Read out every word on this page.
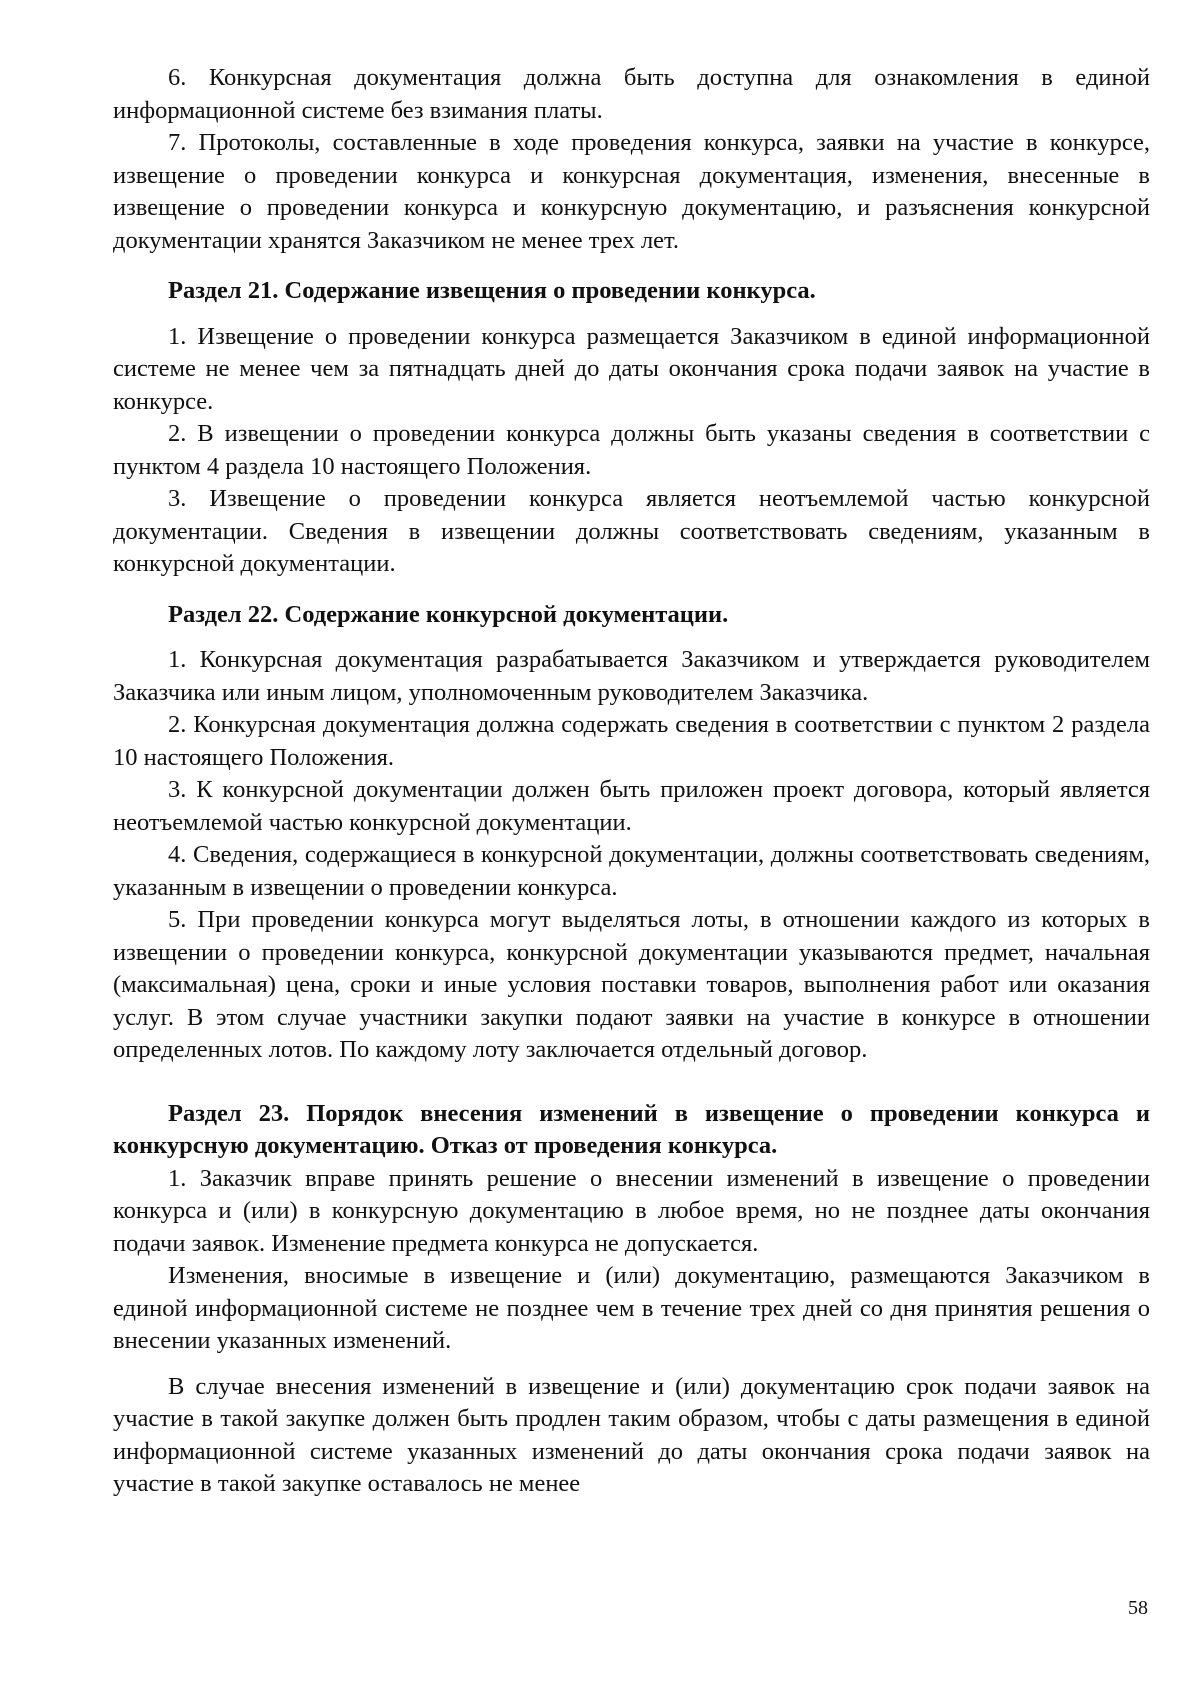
6. Конкурсная документация должна быть доступна для ознакомления в единой информационной системе без взимания платы.

7. Протоколы, составленные в ходе проведения конкурса, заявки на участие в конкурсе, извещение о проведении конкурса и конкурсная документация, изменения, внесенные в извещение о проведении конкурса и конкурсную документацию, и разъяснения конкурсной документации хранятся Заказчиком не менее трех лет.

Раздел 21. Содержание извещения о проведении конкурса.

1. Извещение о проведении конкурса размещается Заказчиком в единой информационной системе не менее чем за пятнадцать дней до даты окончания срока подачи заявок на участие в конкурсе.

2. В извещении о проведении конкурса должны быть указаны сведения в соответствии с пунктом 4 раздела 10 настоящего Положения.

3. Извещение о проведении конкурса является неотъемлемой частью конкурсной документации. Сведения в извещении должны соответствовать сведениям, указанным в конкурсной документации.

Раздел 22. Содержание конкурсной документации.

1. Конкурсная документация разрабатывается Заказчиком и утверждается руководителем Заказчика или иным лицом, уполномоченным руководителем Заказчика.

2. Конкурсная документация должна содержать сведения в соответствии с пунктом 2 раздела 10 настоящего Положения.

3. К конкурсной документации должен быть приложен проект договора, который является неотъемлемой частью конкурсной документации.

4. Сведения, содержащиеся в конкурсной документации, должны соответствовать сведениям, указанным в извещении о проведении конкурса.

5. При проведении конкурса могут выделяться лоты, в отношении каждого из которых в извещении о проведении конкурса, конкурсной документации указываются предмет, начальная (максимальная) цена, сроки и иные условия поставки товаров, выполнения работ или оказания услуг. В этом случае участники закупки подают заявки на участие в конкурсе в отношении определенных лотов. По каждому лоту заключается отдельный договор.

Раздел 23. Порядок внесения изменений в извещение о проведении конкурса и конкурсную документацию. Отказ от проведения конкурса.

1. Заказчик вправе принять решение о внесении изменений в извещение о проведении конкурса и (или) в конкурсную документацию в любое время, но не позднее даты окончания подачи заявок. Изменение предмета конкурса не допускается.

Изменения, вносимые в извещение и (или) документацию, размещаются Заказчиком в единой информационной системе не позднее чем в течение трех дней со дня принятия решения о внесении указанных изменений.

В случае внесения изменений в извещение и (или) документацию срок подачи заявок на участие в такой закупке должен быть продлен таким образом, чтобы с даты размещения в единой информационной системе указанных изменений до даты окончания срока подачи заявок на участие в такой закупке оставалось не менее

58
